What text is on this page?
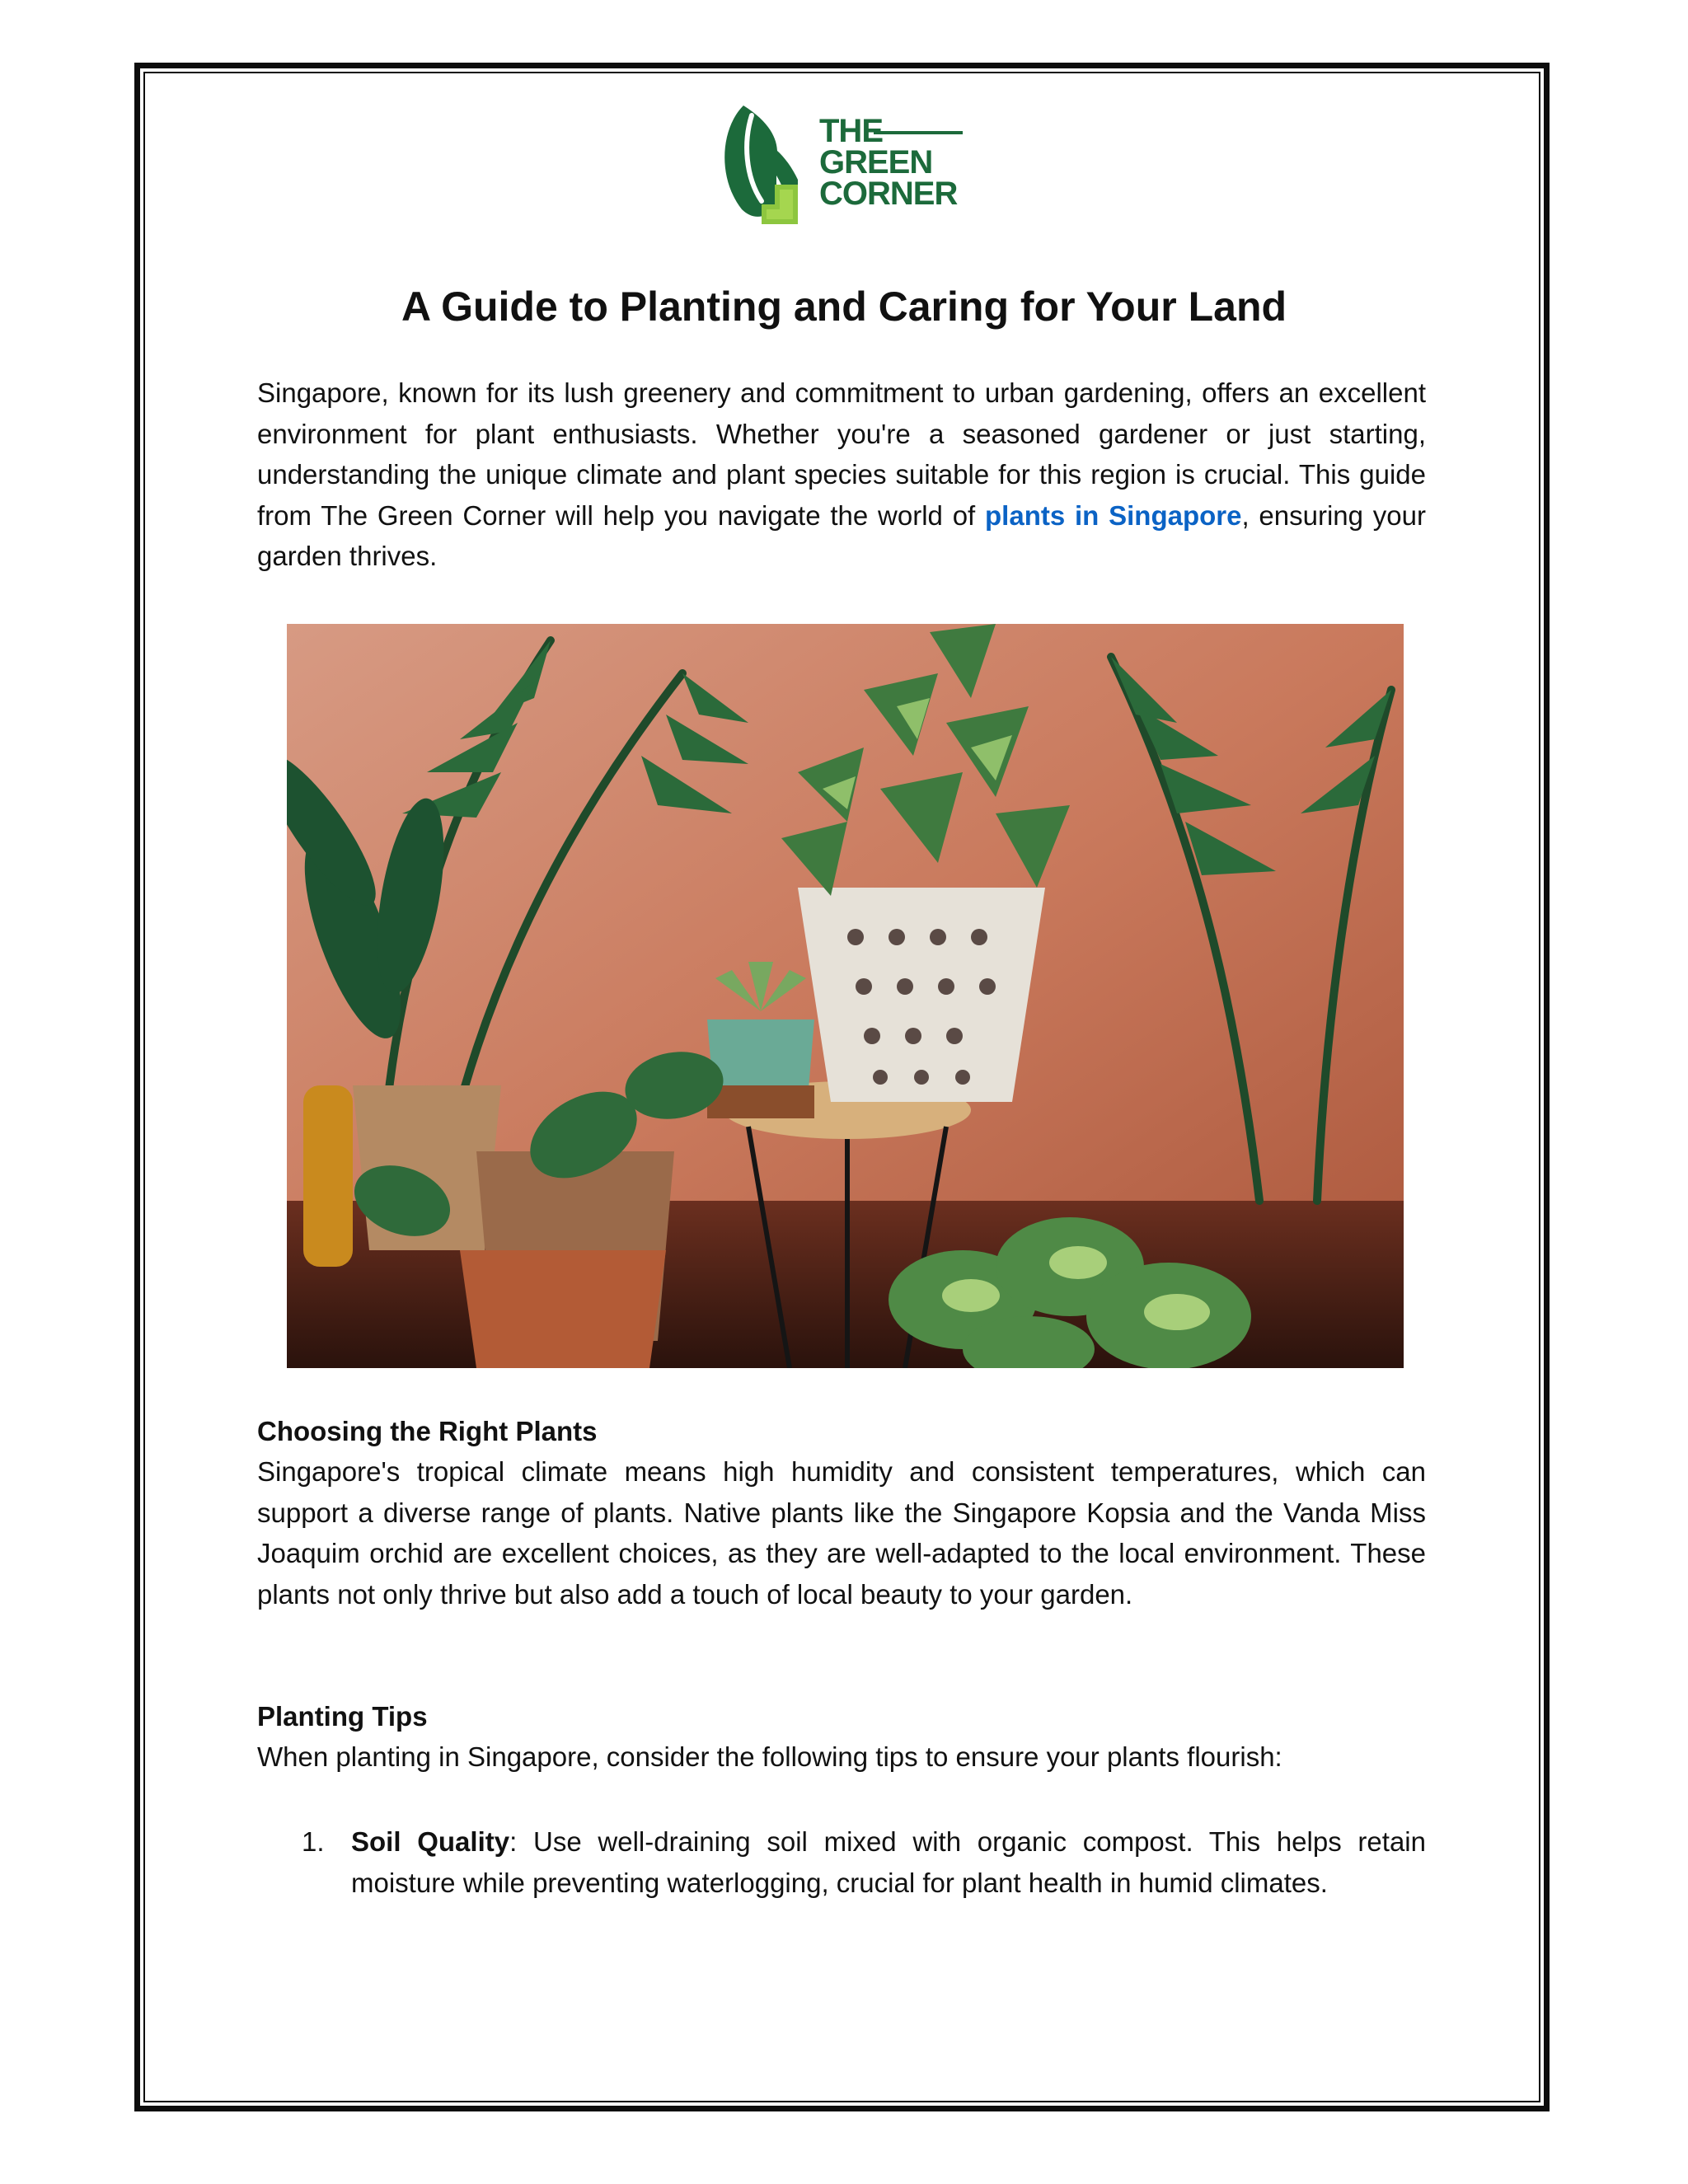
THE
GREEN
CORNER
A Guide to Planting and Caring for Your Land

Singapore, known for its lush greenery and commitment to urban gardening, offers an excellent environment for plant enthusiasts. Whether you're a seasoned gardener or just starting, understanding the unique climate and plant species suitable for this region is crucial. This guide from The Green Corner will help you navigate the world of plants in Singapore, ensuring your garden thrives.

Choosing the Right Plants

Singapore's tropical climate means high humidity and consistent temperatures, which can support a diverse range of plants. Native plants like the Singapore Kopsia and the Vanda Miss Joaquim orchid are excellent choices, as they are well-adapted to the local environment. These plants not only thrive but also add a touch of local beauty to your garden.

Planting Tips

When planting in Singapore, consider the following tips to ensure your plants flourish:

1. Soil Quality: Use well-draining soil mixed with organic compost. This helps retain moisture while preventing waterlogging, crucial for plant health in humid climates.
